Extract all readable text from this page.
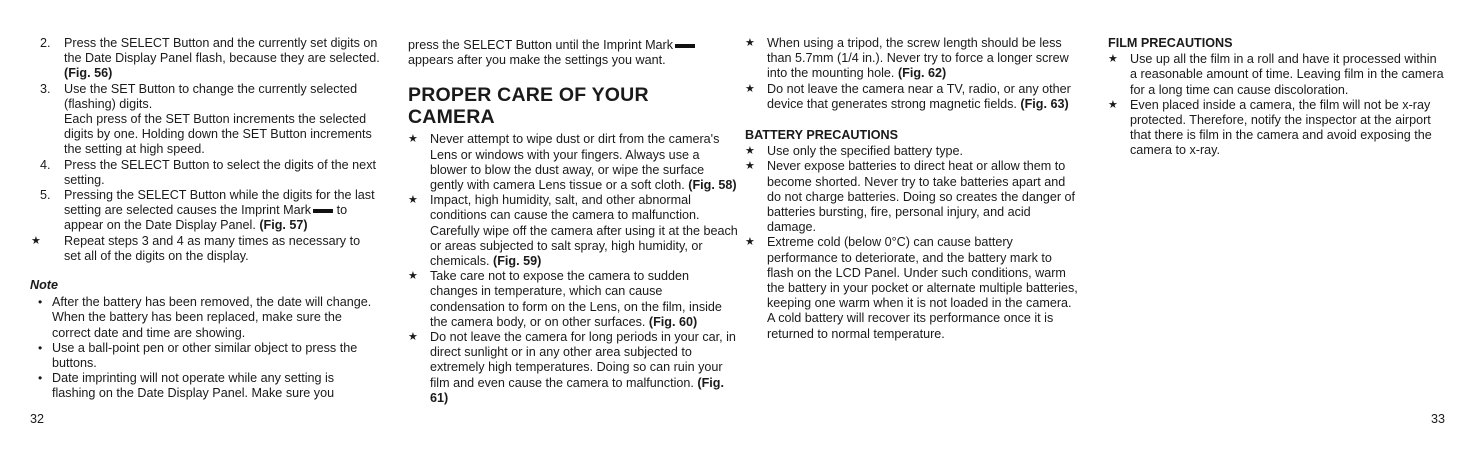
2.	Press the SELECT Button and the currently set digits on the Date Display Panel flash, because they are selected. (Fig. 56)

3.	Use the SET Button to change the currently selected (flashing) digits.
Each press of the SET Button increments the selected digits by one. Holding down the SET Button increments the setting at high speed.

4.	Press the SELECT Button to select the digits of the next setting.

5.	Pressing the SELECT Button while the digits for the last setting are selected causes the Imprint Mark to appear on the Date Display Panel. (Fig. 57)

★	Repeat steps 3 and 4 as many times as necessary to set all of the digits on the display.

Note

• After the battery has been removed, the date will change. When the battery has been replaced, make sure the correct date and time are showing.

• Use a ball-point pen or other similar object to press the buttons.

• Date imprinting will not operate while any setting is flashing on the Date Display Panel. Make sure you

press the SELECT Button until the Imprint Mark appears after you make the settings you want.

PROPER CARE OF YOUR CAMERA

★ Never attempt to wipe dust or dirt from the camera's Lens or windows with your fingers. Always use a blower to blow the dust away, or wipe the surface gently with camera Lens tissue or a soft cloth. (Fig. 58)

★ Impact, high humidity, salt, and other abnormal conditions can cause the camera to malfunction. Carefully wipe off the camera after using it at the beach or areas subjected to salt spray, high humidity, or chemicals. (Fig. 59)

★ Take care not to expose the camera to sudden changes in temperature, which can cause condensation to form on the Lens, on the film, inside the camera body, or on other surfaces. (Fig. 60)

★ Do not leave the camera for long periods in your car, in direct sunlight or in any other area subjected to extremely high temperatures. Doing so can ruin your film and even cause the camera to malfunction. (Fig. 61)

★ When using a tripod, the screw length should be less than 5.7mm (1/4 in.). Never try to force a longer screw into the mounting hole. (Fig. 62)

★ Do not leave the camera near a TV, radio, or any other device that generates strong magnetic fields. (Fig. 63)

BATTERY PRECAUTIONS

★ Use only the specified battery type.

★ Never expose batteries to direct heat or allow them to become shorted. Never try to take batteries apart and do not charge batteries. Doing so creates the danger of batteries bursting, fire, personal injury, and acid damage.

★ Extreme cold (below 0°C) can cause battery performance to deteriorate, and the battery mark to flash on the LCD Panel. Under such conditions, warm the battery in your pocket or alternate multiple batteries, keeping one warm when it is not loaded in the camera. A cold battery will recover its performance once it is returned to normal temperature.

FILM PRECAUTIONS

★ Use up all the film in a roll and have it processed within a reasonable amount of time. Leaving film in the camera for a long time can cause discoloration.

★ Even placed inside a camera, the film will not be x-ray protected. Therefore, notify the inspector at the airport that there is film in the camera and avoid exposing the camera to x-ray.

32	33
